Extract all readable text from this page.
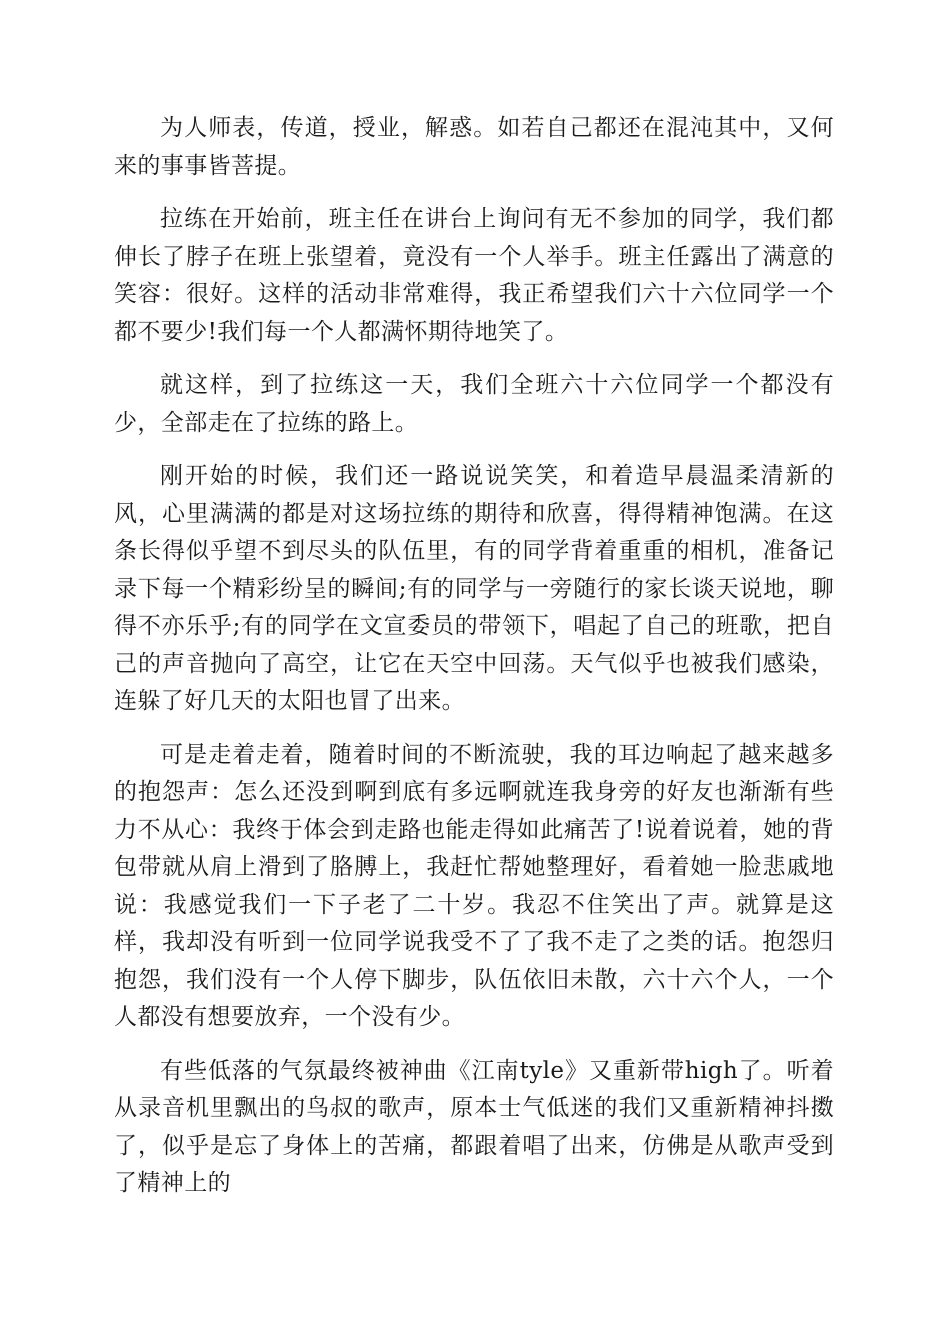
为人师表，传道，授业，解惑。如若自己都还在混沌其中，又何来的事事皆菩提。

拉练在开始前，班主任在讲台上询问有无不参加的同学，我们都伸长了脖子在班上张望着，竟没有一个人举手。班主任露出了满意的笑容：很好。这样的活动非常难得，我正希望我们六十六位同学一个都不要少!我们每一个人都满怀期待地笑了。

就这样，到了拉练这一天，我们全班六十六位同学一个都没有少，全部走在了拉练的路上。

刚开始的时候，我们还一路说说笑笑，和着造早晨温柔清新的风，心里满满的都是对这场拉练的期待和欣喜，得得精神饱满。在这条长得似乎望不到尽头的队伍里，有的同学背着重重的相机，准备记录下每一个精彩纷呈的瞬间;有的同学与一旁随行的家长谈天说地，聊得不亦乐乎;有的同学在文宣委员的带领下，唱起了自己的班歌，把自己的声音抛向了高空，让它在天空中回荡。天气似乎也被我们感染，连躲了好几天的太阳也冒了出来。

可是走着走着，随着时间的不断流驶，我的耳边响起了越来越多的抱怨声：怎么还没到啊到底有多远啊就连我身旁的好友也渐渐有些力不从心：我终于体会到走路也能走得如此痛苦了!说着说着，她的背包带就从肩上滑到了胳膊上，我赶忙帮她整理好，看着她一脸悲戚地说：我感觉我们一下子老了二十岁。我忍不住笑出了声。就算是这样，我却没有听到一位同学说我受不了了我不走了之类的话。抱怨归抱怨，我们没有一个人停下脚步，队伍依旧未散，六十六个人，一个人都没有想要放弃，一个没有少。

有些低落的气氛最终被神曲《江南tyle》又重新带high了。听着从录音机里飘出的鸟叔的歌声，原本士气低迷的我们又重新精神抖擞了，似乎是忘了身体上的苦痛，都跟着唱了出来，仿佛是从歌声受到了精神上的
